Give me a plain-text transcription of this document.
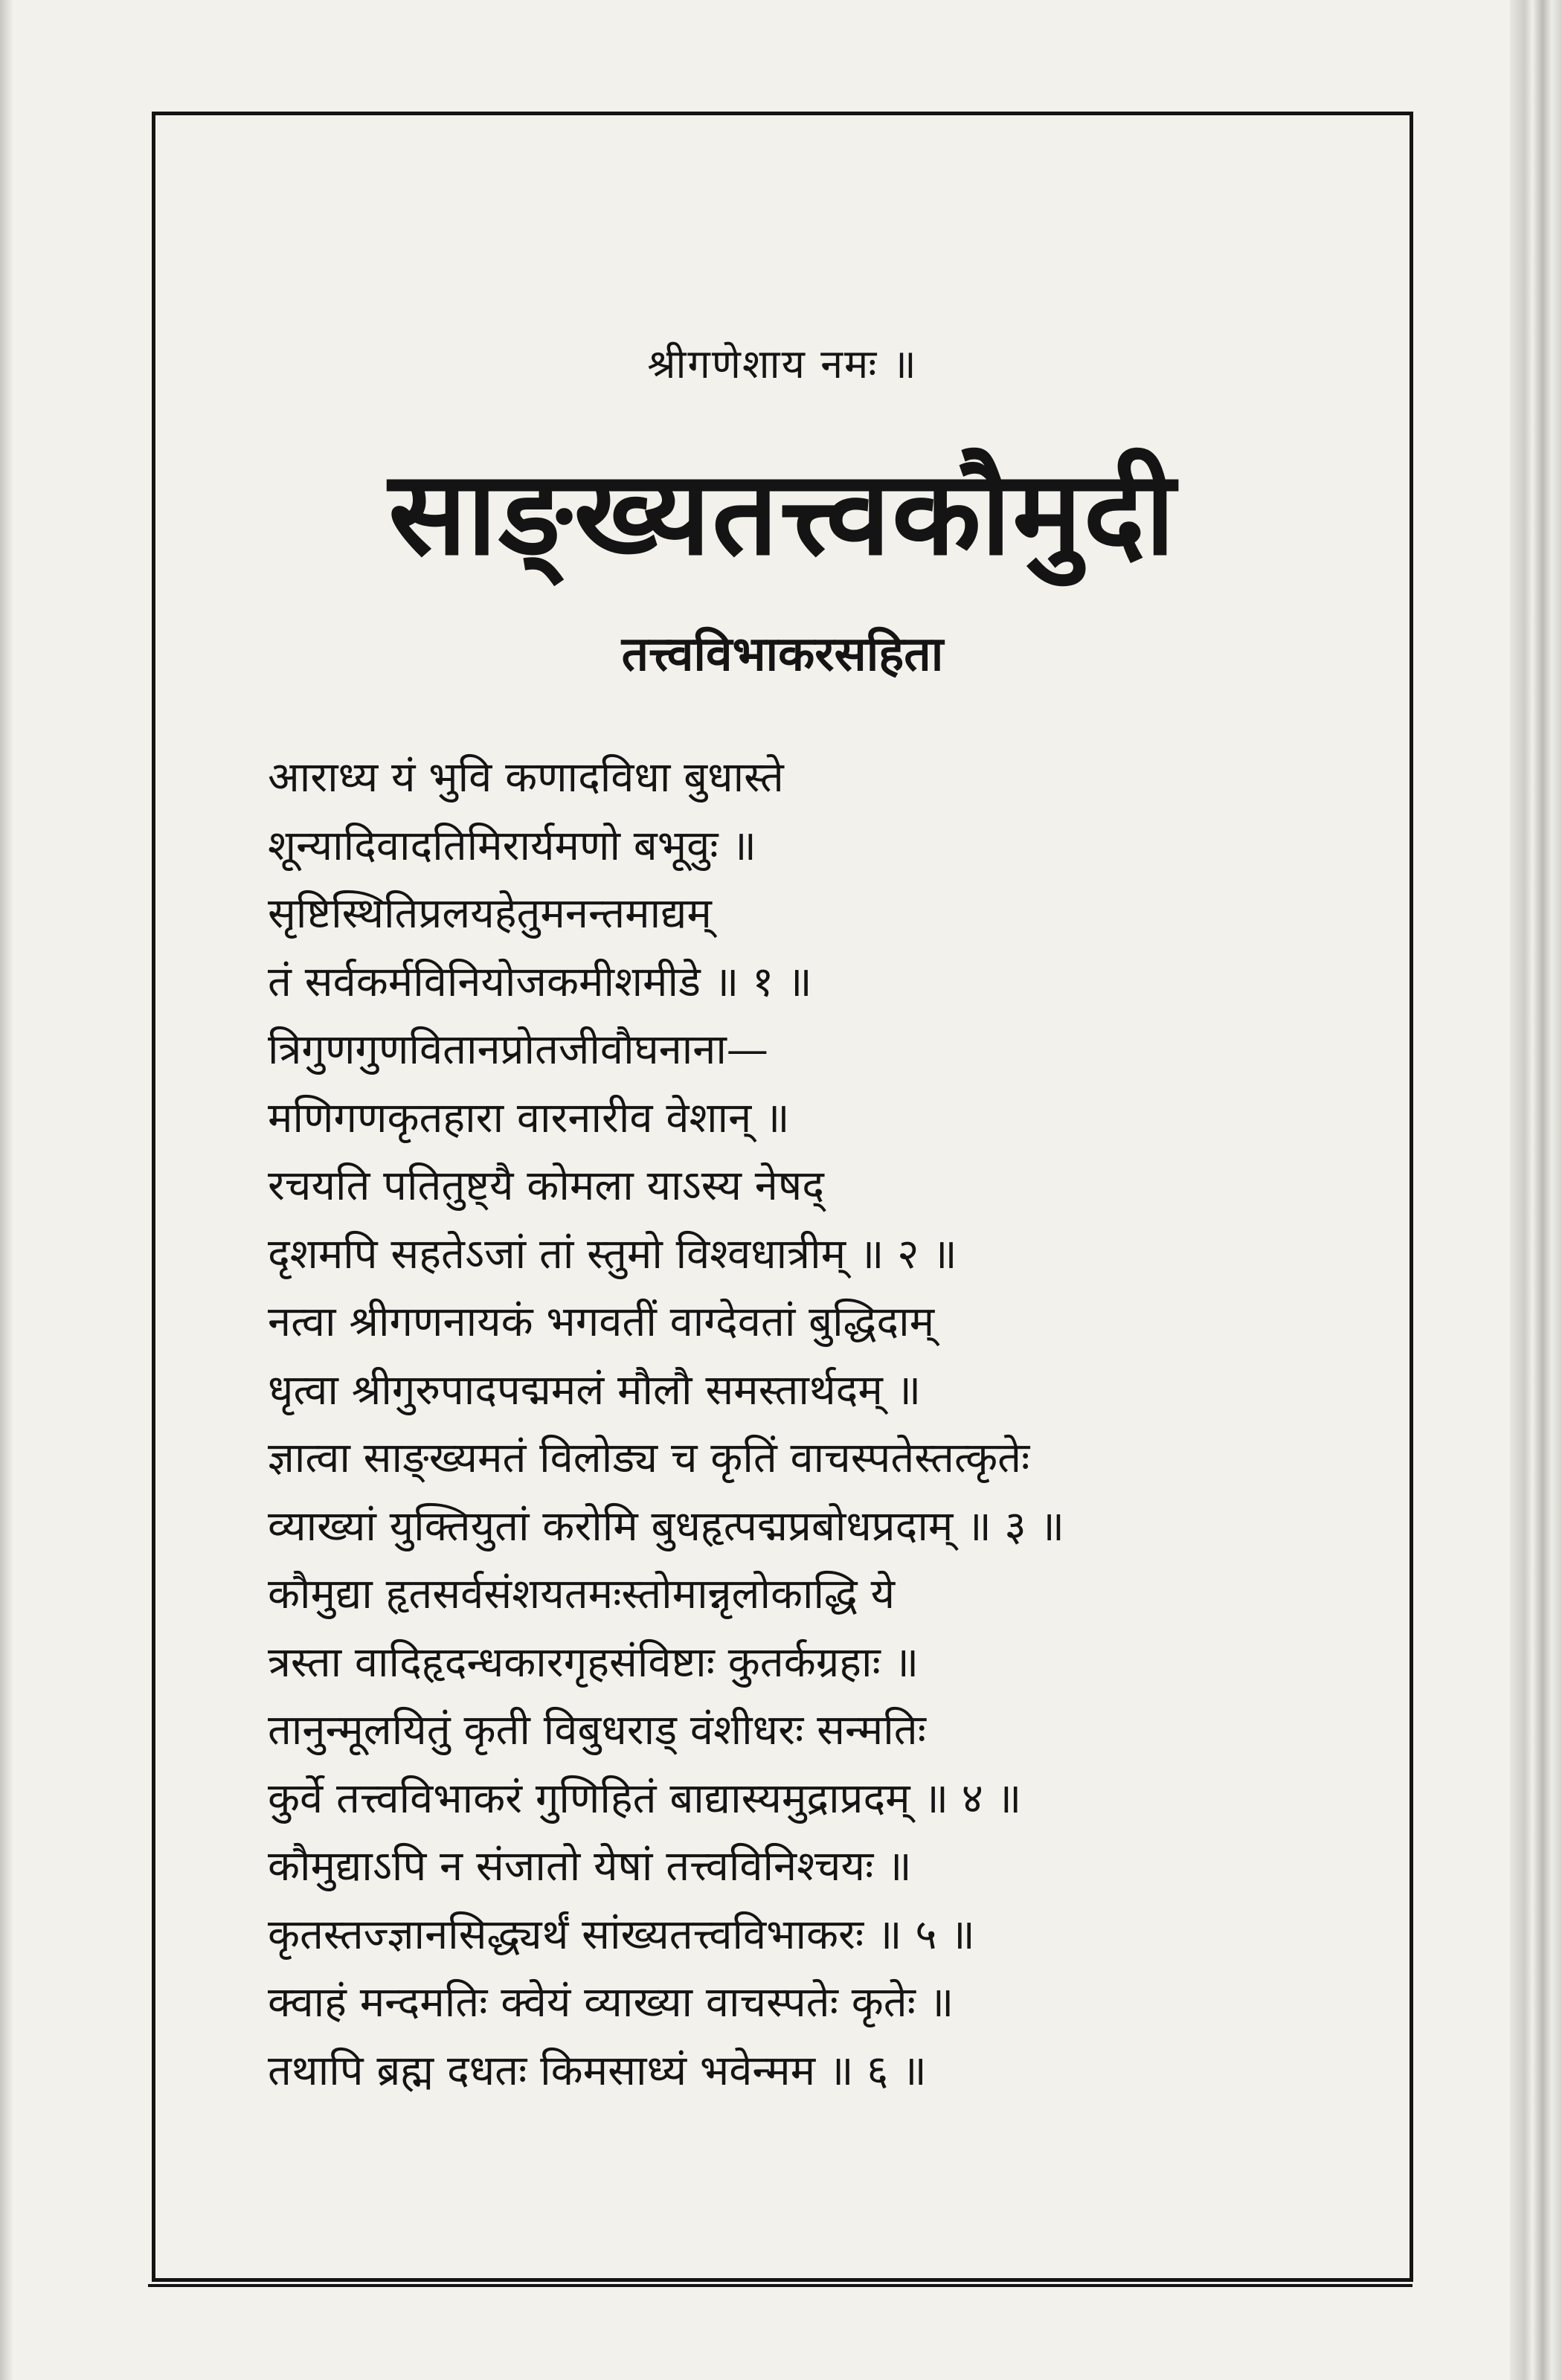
श्रीगणेशाय नमः ॥
साङ्ख्यतत्त्वकौमुदी
तत्त्वविभाकरसहिता
आराध्य यं भुवि कणादविधा बुधास्ते
शून्यादिवादतिमिरार्यमणो बभूवुः ॥
सृष्टिस्थितिप्रलयहेतुमनन्तमाद्यम्
तं सर्वकर्मविनियोजकमीशमीडे ॥ १ ॥
त्रिगुणगुणवितानप्रोतजीवौघनाना—
मणिगणकृतहारा वारनारीव वेशान् ॥
रचयति पतितुष्ट्यै कोमला याऽस्य नेषद्
दृशमपि सहतेऽजां तां स्तुमो विश्वधात्रीम् ॥ २ ॥
नत्वा श्रीगणनायकं भगवतीं वाग्देवतां बुद्धिदाम्
धृत्वा श्रीगुरुपादपद्ममलं मौलौ समस्तार्थदम् ॥
ज्ञात्वा साङ्ख्यमतं विलोड्य च कृतिं वाचस्पतेस्तत्कृतेः
व्याख्यां युक्तियुतां करोमि बुधहृत्पद्मप्रबोधप्रदाम् ॥ ३ ॥
कौमुद्या हृतसर्वसंशयतमःस्तोमान्नृलोकाद्धि ये
त्रस्ता वादिहृदन्धकारगृहसंविष्टाः कुतर्कग्रहाः ॥
तानुन्मूलयितुं कृती विबुधराड् वंशीधरः सन्मतिः
कुर्वे तत्त्वविभाकरं गुणिहितं बाद्यास्यमुद्राप्रदम् ॥ ४ ॥
कौमुद्याऽपि न संजातो येषां तत्त्वविनिश्चयः ॥
कृतस्तज्ज्ञानसिद्ध्यर्थं सांख्यतत्त्वविभाकरः ॥ ५ ॥
क्वाहं मन्दमतिः क्वेयं व्याख्या वाचस्पतेः कृतेः ॥
तथापि ब्रह्म दधतः किमसाध्यं भवेन्मम ॥ ६ ॥
